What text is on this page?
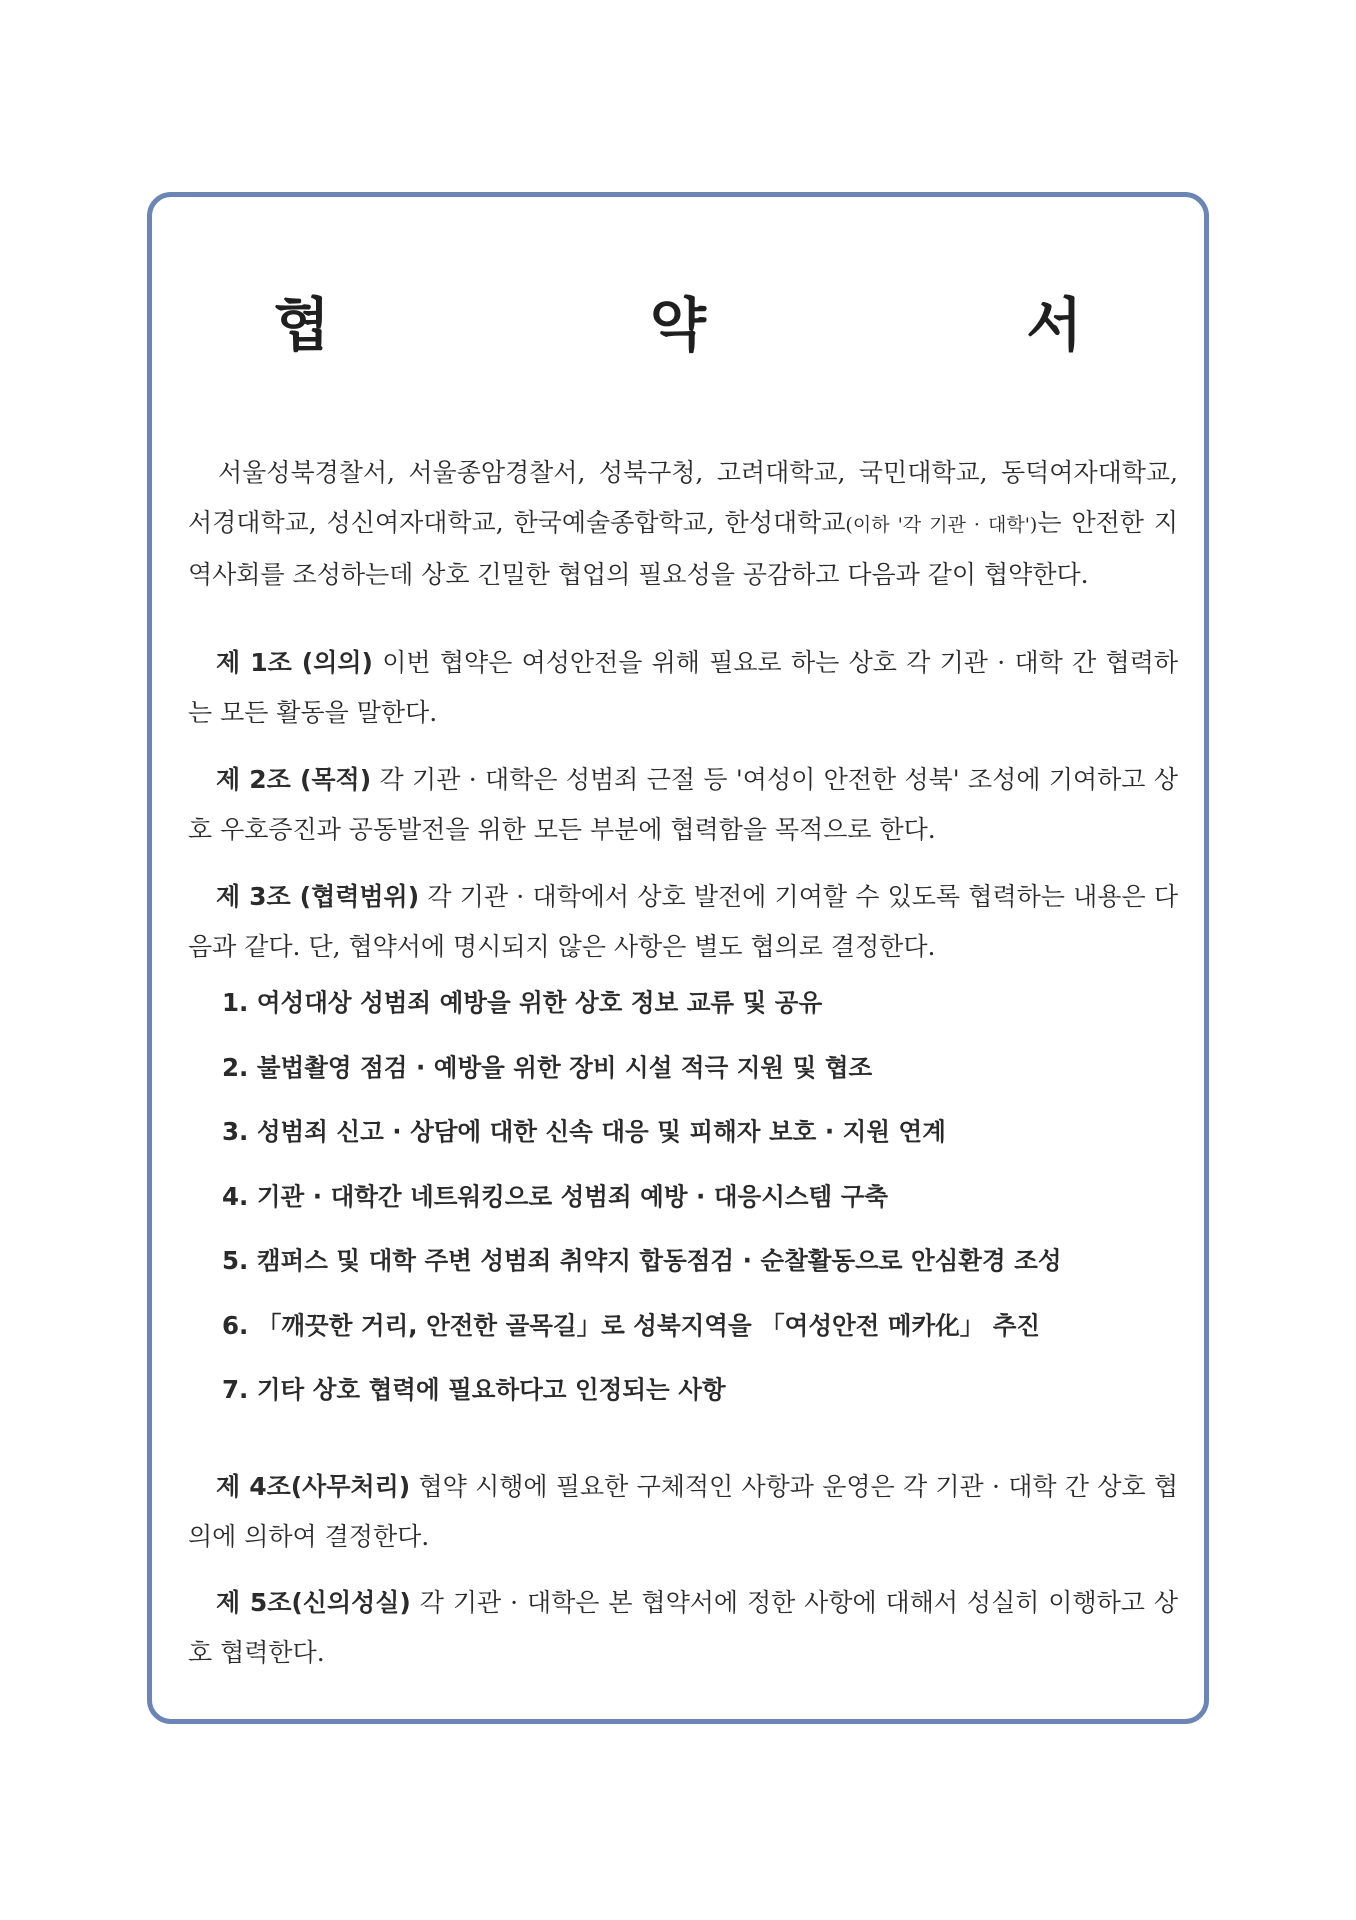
협 약 서
서울성북경찰서, 서울종암경찰서, 성북구청, 고려대학교, 국민대학교, 동덕여자대학교, 서경대학교, 성신여자대학교, 한국예술종합학교, 한성대학교(이하 '각 기관 · 대학')는 안전한 지역사회를 조성하는데 상호 긴밀한 협업의 필요성을 공감하고 다음과 같이 협약한다.
제 1조 (의의) 이번 협약은 여성안전을 위해 필요로 하는 상호 각 기관 · 대학 간 협력하는 모든 활동을 말한다.
제 2조 (목적) 각 기관 · 대학은 성범죄 근절 등 '여성이 안전한 성북' 조성에 기여하고 상호 우호증진과 공동발전을 위한 모든 부분에 협력함을 목적으로 한다.
제 3조 (협력범위) 각 기관 · 대학에서 상호 발전에 기여할 수 있도록 협력하는 내용은 다음과 같다. 단, 협약서에 명시되지 않은 사항은 별도 협의로 결정한다.
1. 여성대상 성범죄 예방을 위한 상호 정보 교류 및 공유
2. 불법촬영 점검 · 예방을 위한 장비 시설 적극 지원 및 협조
3. 성범죄 신고 · 상담에 대한 신속 대응 및 피해자 보호 · 지원 연계
4. 기관 · 대학간 네트워킹으로 성범죄 예방 · 대응시스템 구축
5. 캠퍼스 및 대학 주변 성범죄 취약지 합동점검 · 순찰활동으로 안심환경 조성
6. 「깨끗한 거리, 안전한 골목길」로 성북지역을 「여성안전 메카化」 추진
7. 기타 상호 협력에 필요하다고 인정되는 사항
제 4조(사무처리) 협약 시행에 필요한 구체적인 사항과 운영은 각 기관 · 대학 간 상호 협의에 의하여 결정한다.
제 5조(신의성실) 각 기관 · 대학은 본 협약서에 정한 사항에 대해서 성실히 이행하고 상호 협력한다.
